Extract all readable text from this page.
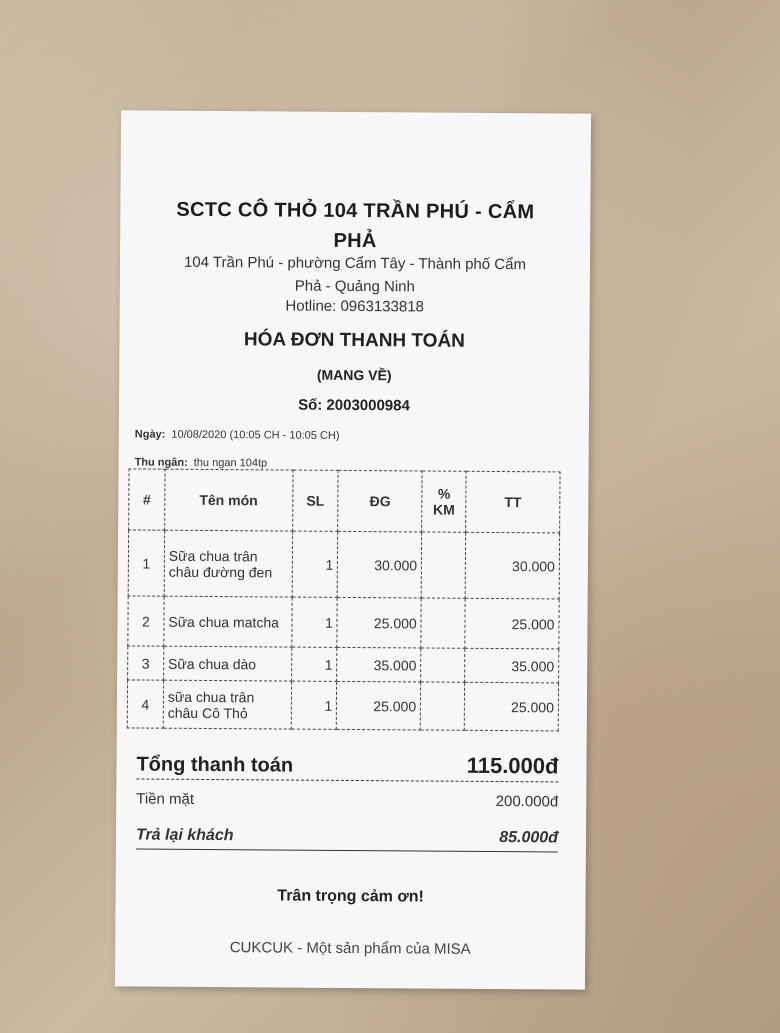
SCTC CÔ THỎ 104 TRẦN PHÚ - CẨM
PHẢ
104 Trần Phú - phường Cẩm Tây - Thành phố Cẩm
Phả - Quảng Ninh
Hotline: 0963133818
HÓA ĐƠN THANH TOÁN
(MANG VỀ)
Số: 2003000984
Ngày: 10/08/2020 (10:05 CH - 10:05 CH)
Thu ngân: thu ngan 104tp
#	Tên món	SL	ĐG	% KM	TT
1	Sữa chua trân châu đường đen	1	30.000		30.000
2	Sữa chua matcha	1	25.000		25.000
3	Sữa chua dào	1	35.000		35.000
4	sữa chua trân châu Cô Thỏ	1	25.000		25.000
Tổng thanh toán	115.000đ
Tiền mặt	200.000đ
Trả lại khách	85.000đ
Trân trọng cảm ơn!
CUKCUK - Một sản phẩm của MISA
